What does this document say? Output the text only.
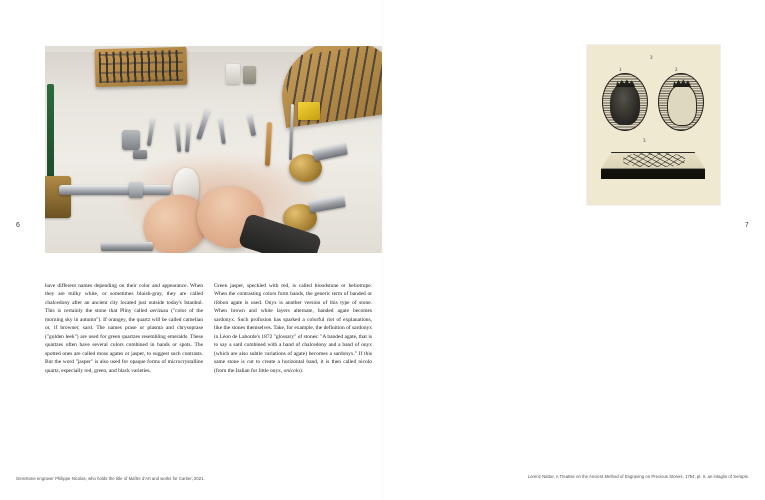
6

have different names depending on their color and appearance. When they are milky white, or sometimes bluish-gray, they are called chalcedony after an ancient city located just outside today's Istanbul. This is certainly the stone that Pliny called aerizusa ("color of the morning sky in autumn"). If orangey, the quartz will be called carnelian or, if browner, sard. The names prase or plasma and chrysoprase ("golden leek") are used for green quartzes resembling emeralds. These quartzes often have several colors combined in bands or spots. The spotted ones are called moss agates or jasper, to suggest such contrasts. But the word "jasper" is also used for opaque forms of microcrystalline quartz, especially red, green, and black varieties.

Green jasper, speckled with red, is called bloodstone or heliotrope. When the contrasting colors form bands, the generic term of banded or ribbon agate is used. Onyx is another version of this type of stone. When brown and white layers alternate, banded agate becomes sardonyx. Such profusion has sparked a colorful riot of explanations, like the stones themselves. Take, for example, the definition of sardonyx in Léon de Laborde's 1872 "glossary" of stones: "A banded agate, that is to say a sard combined with a band of chalcedony and a band of onyx (which are also subtle variations of agate) becomes a sardonyx." If this same stone is cut to create a horizontal band, it is then called nicolo (from the Italian for little onyx, onicolo).

Gemstone engraver Philippe Nicolas, who holds the title of Maître d'Art and works for Cartier, 2021.
7
3
1	2
3

Lorenz Natter, A Treatise on the Ancient Method of Engraving on Precious Stones, 1754; pl. II, an intaglio of Serapis.
